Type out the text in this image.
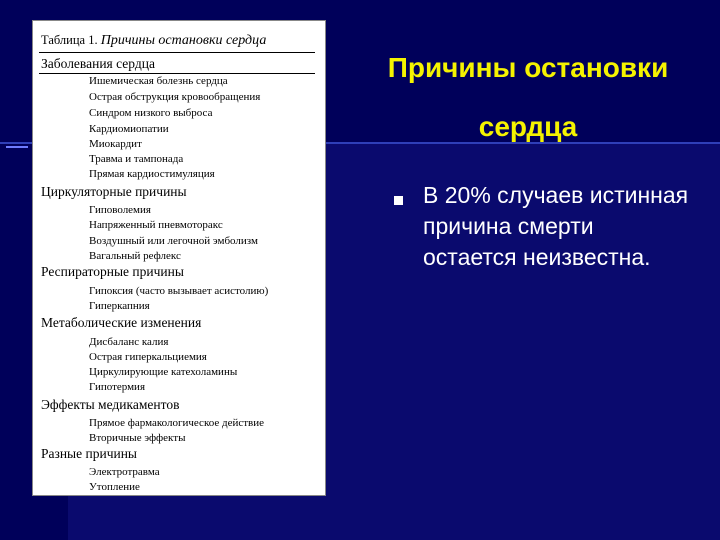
Таблица 1. Причины остановки сердца
Заболевания сердца
Ишемическая болезнь сердца
Острая обструкция кровообращения
Синдром низкого выброса
Кардиомиопатии
Миокардит
Травма и тампонада
Прямая кардиостимуляция
Циркуляторные причины
Гиповолемия
Напряженный пневмоторакс
Воздушный или легочной эмболизм
Вагальный рефлекс
Респираторные причины
Гипоксия (часто вызывает асистолию)
Гиперкапния
Метаболические изменения
Дисбаланс калия
Острая гиперкальциемия
Циркулирующие катехоламины
Гипотермия
Эффекты медикаментов
Прямое фармакологическое действие
Вторичные эффекты
Разные причины
Электротравма
Утопление
Причины остановки сердца
В 20% случаев истинная причина смерти остается неизвестна.
